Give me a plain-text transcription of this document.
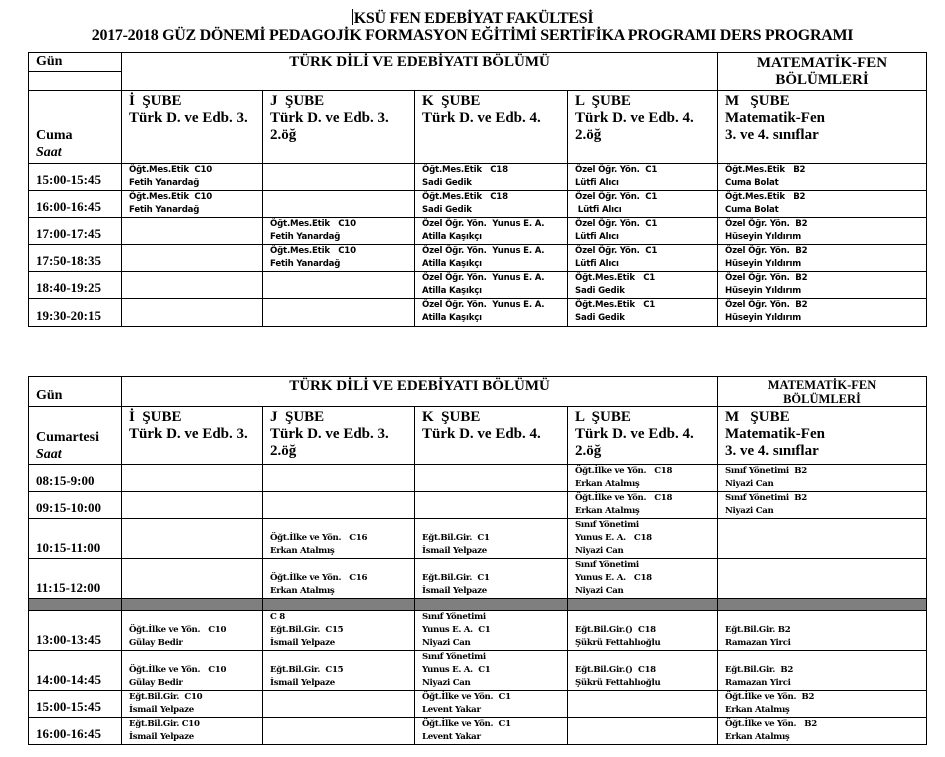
KSÜ FEN EDEBİYAT FAKÜLTESİ
2017-2018 GÜZ DÖNEMİ PEDAGOJİK FORMASYON EĞİTİMİ SERTİFİKA PROGRAMI DERS PROGRAMI
Gün	TÜRK DİLİ VE EDEBİYATI BÖLÜMÜ				MATEMATİK-FEN BÖLÜMLERİ

Cuma
Saat	İ  ŞUBE
Türk D. ve Edb. 3.	J  ŞUBE
Türk D. ve Edb. 3.
2.öğ	K  ŞUBE
Türk D. ve Edb. 4.	L  ŞUBE
Türk D. ve Edb. 4.
2.öğ	M   ŞUBE
Matematik-Fen
3. ve 4. sınıflar

15:00-15:45	Öğt.Mes.Etik  C10
Fetih Yanardağ		Öğt.Mes.Etik   C18
Sadi Gedik	Özel Öğr. Yön.  C1
Lütfi Alıcı	Öğt.Mes.Etik   B2
Cuma Bolat

16:00-16:45	Öğt.Mes.Etik  C10
Fetih Yanardağ		Öğt.Mes.Etik   C18
Sadi Gedik	Özel Öğr. Yön.  C1
Lütfi Alıcı	Öğt.Mes.Etik   B2
Cuma Bolat

17:00-17:45		Öğt.Mes.Etik   C10
Fetih Yanardağ	Özel Öğr. Yön.  Yunus E. A.
Atilla Kaşıkçı	Özel Öğr. Yön.  C1
Lütfi Alıcı	Özel Öğr. Yön.  B2
Hüseyin Yıldırım

17:50-18:35		Öğt.Mes.Etik   C10
Fetih Yanardağ	Özel Öğr. Yön.  Yunus E. A.
Atilla Kaşıkçı	Özel Öğr. Yön.  C1
Lütfi Alıcı	Özel Öğr. Yön.  B2
Hüseyin Yıldırım

18:40-19:25			Özel Öğr. Yön.  Yunus E. A.
Atilla Kaşıkçı	Öğt.Mes.Etik   C1
Sadi Gedik	Özel Öğr. Yön.  B2
Hüseyin Yıldırım

19:30-20:15			Özel Öğr. Yön.  Yunus E. A.
Atilla Kaşıkçı	Öğt.Mes.Etik   C1
Sadi Gedik	Özel Öğr. Yön.  B2
Hüseyin Yıldırım
Gün	TÜRK DİLİ VE EDEBİYATI BÖLÜMÜ				MATEMATİK-FEN
BÖLÜMLERİ

Cumartesi
Saat	İ  ŞUBE
Türk D. ve Edb. 3.	J  ŞUBE
Türk D. ve Edb. 3.
2.öğ	K  ŞUBE
Türk D. ve Edb. 4.	L  ŞUBE
Türk D. ve Edb. 4.
2.öğ	M   ŞUBE
Matematik-Fen
3. ve 4. sınıflar

08:15-9:00				Öğt.İlke ve Yön.   C18
Erkan Atalmış	Sınıf Yönetimi  B2
Niyazi Can

09:15-10:00				Öğt.İlke ve Yön.   C18
Erkan Atalmış	Sınıf Yönetimi  B2
Niyazi Can

10:15-11:00		Öğt.İlke ve Yön.   C16
Erkan Atalmış	Eğt.Bil.Gir.  C1
İsmail Yelpaze	Sınıf Yönetimi
Yunus E. A.   C18
Niyazi Can	

11:15-12:00		Öğt.İlke ve Yön.   C16
Erkan Atalmış	Eğt.Bil.Gir.  C1
İsmail Yelpaze	Sınıf Yönetimi
Yunus E. A.   C18
Niyazi Can	

13:00-13:45	Öğt.İlke ve Yön.   C10
Gülay Bedir	C 8
Eğt.Bil.Gir.  C15
İsmail Yelpaze	Sınıf Yönetimi
Yunus E. A.  C1
Niyazi Can	Eğt.Bil.Gir.()  C18
Şükrü Fettahlıoğlu	Eğt.Bil.Gir. B2
Ramazan Yirci

14:00-14:45	Öğt.İlke ve Yön.   C10
Gülay Bedir	Eğt.Bil.Gir.  C15
İsmail Yelpaze	Sınıf Yönetimi
Yunus E. A.  C1
Niyazi Can	Eğt.Bil.Gir.()  C18
Şükrü Fettahlıoğlu	Eğt.Bil.Gir.  B2
Ramazan Yirci

15:00-15:45	Eğt.Bil.Gir.  C10
İsmail Yelpaze		Öğt.İlke ve Yön.  C1
Levent Yakar		Öğt.İlke ve Yön.  B2
Erkan Atalmış

16:00-16:45	Eğt.Bil.Gir. C10
İsmail Yelpaze		Öğt.İlke ve Yön.  C1
Levent Yakar		Öğt.İlke ve Yön.   B2
Erkan Atalmış
